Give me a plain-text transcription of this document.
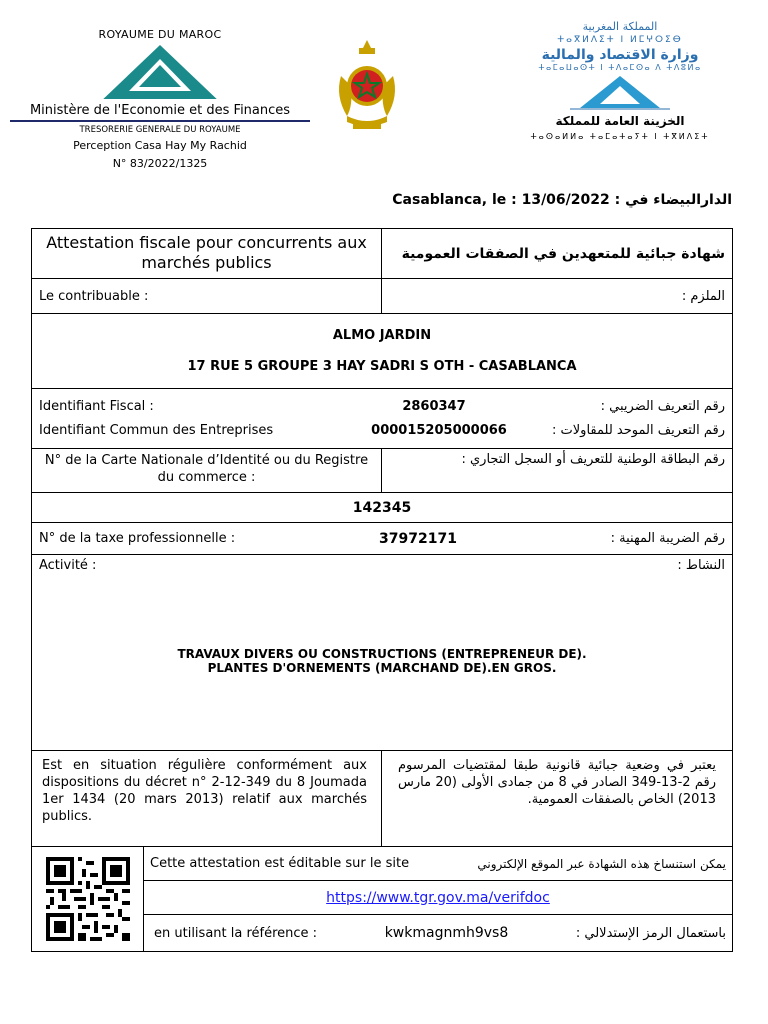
ROYAUME DU MAROC
Ministère de l'Economie et des Finances
TRESORERIE GENERALE DU ROYAUME
Perception Casa Hay My Rachid
N° 83/2022/1325
المملكة المغربية
ⵜⴰⴳⵍⴷⵉⵜ ⵏ ⵍⵎⵖⵔⵉⴱ
وزارة الاقتصاد والمالية
ⵜⴰⵎⴰⵡⴰⵙⵜ ⵏ ⵜⴷⴰⵎⵙⴰ ⴷ ⵜⴷⵓⵍⴰ
الخزينة العامة للمملكة
ⵜⴰⵙⴰⵍⵍⴰ ⵜⴰⵎⴰⵜⴰⵢⵜ ⵏ ⵜⴳⵍⴷⵉⵜ
Casablanca, le : 13/06/2022 : الدارالبيضاء في
Attestation fiscale pour concurrents aux marchés publics	شهادة جبائية للمتعهدين في الصفقات العمومية
Le contribuable :	الملزم :
ALMO JARDIN
17 RUE 5 GROUPE 3 HAY SADRI S OTH - CASABLANCA
Identifiant Fiscal :	2860347	رقم التعريف الضريبي :
Identifiant Commun des Entreprises	000015205000066	رقم التعريف الموحد للمقاولات :
N° de la Carte Nationale d’Identité ou du Registre du commerce :
رقم البطاقة الوطنية للتعريف أو السجل التجاري :
142345
N° de la taxe professionnelle :	37972171	رقم الضريبة المهنية :
Activité :	النشاط :
TRAVAUX DIVERS OU CONSTRUCTIONS (ENTREPRENEUR DE).
PLANTES D'ORNEMENTS (MARCHAND DE).EN GROS.
Est en situation régulière conformément aux dispositions du décret n° 2-12-349 du 8 Joumada 1er 1434 (20 mars 2013) relatif aux marchés publics.
يعتبر في وضعية جبائية قانونية طبقا لمقتضيات المرسوم رقم 2-13-349 الصادر في 8 من جمادى الأولى (20 مارس 2013) الخاص بالصفقات العمومية.
Cette attestation est éditable sur le site	يمكن استنساخ هذه الشهادة عبر الموقع الإلكتروني
https://www.tgr.gov.ma/verifdoc
en utilisant la référence :	kwkmagnmh9vs8	باستعمال الرمز الإستدلالي :
